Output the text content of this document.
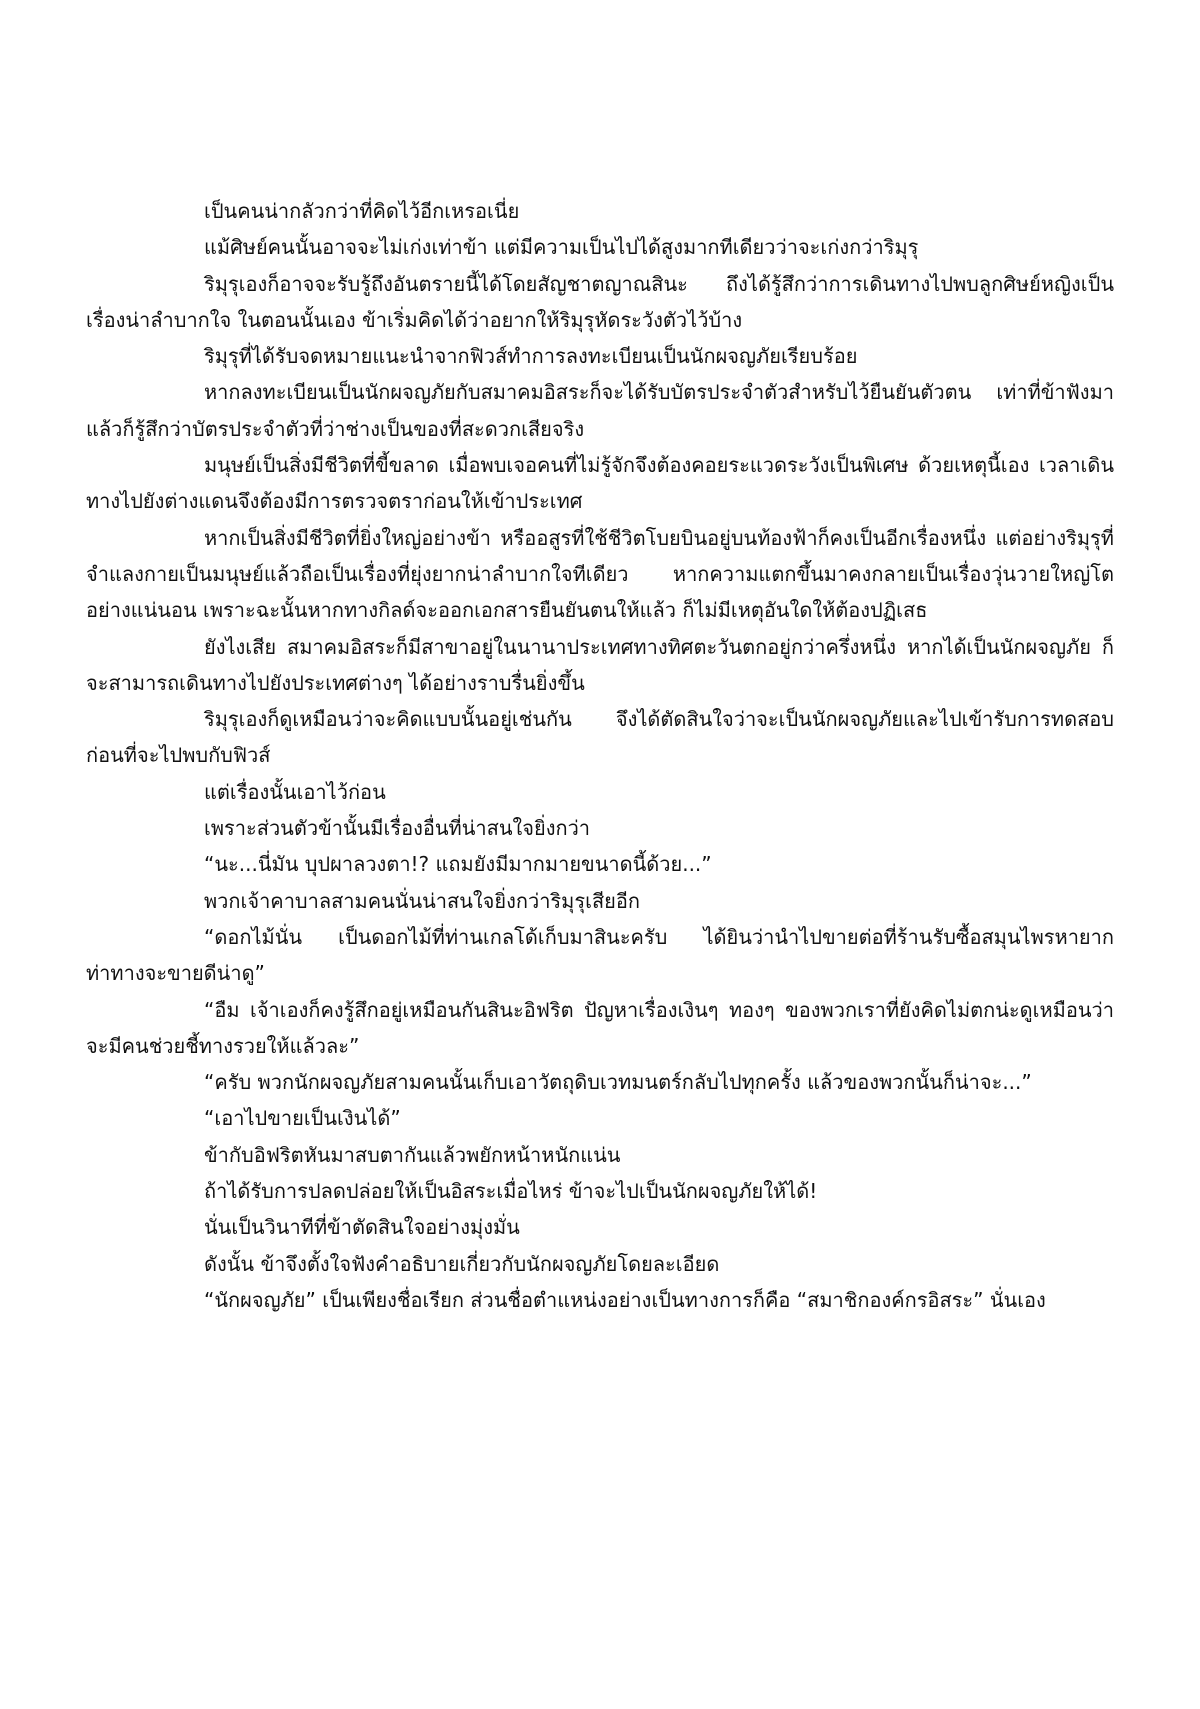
เป็นคนน่ากลัวกว่าที่คิดไว้อีกเหรอเนี่ย

แม้ศิษย์คนนั้นอาจจะไม่เก่งเท่าข้า แต่มีความเป็นไปได้สูงมากทีเดียวว่าจะเก่งกว่าริมุรุ

ริมุรุเองก็อาจจะรับรู้ถึงอันตรายนี้ได้โดยสัญชาตญาณสินะ ถึงได้รู้สึกว่าการเดินทางไปพบลูกศิษย์หญิงเป็นเรื่องน่าลำบากใจ ในตอนนั้นเอง ข้าเริ่มคิดได้ว่าอยากให้ริมุรุหัดระวังตัวไว้บ้าง

ริมุรุที่ได้รับจดหมายแนะนำจากฟิวส์ทำการลงทะเบียนเป็นนักผจญภัยเรียบร้อย

หากลงทะเบียนเป็นนักผจญภัยกับสมาคมอิสระก็จะได้รับบัตรประจำตัวสำหรับไว้ยืนยันตัวตน เท่าที่ข้าฟังมาแล้วก็รู้สึกว่าบัตรประจำตัวที่ว่าช่างเป็นของที่สะดวกเสียจริง

มนุษย์เป็นสิ่งมีชีวิตที่ขี้ขลาด เมื่อพบเจอคนที่ไม่รู้จักจึงต้องคอยระแวดระวังเป็นพิเศษ ด้วยเหตุนี้เอง เวลาเดินทางไปยังต่างแดนจึงต้องมีการตรวจตราก่อนให้เข้าประเทศ

หากเป็นสิ่งมีชีวิตที่ยิ่งใหญ่อย่างข้า หรืออสูรที่ใช้ชีวิตโบยบินอยู่บนท้องฟ้าก็คงเป็นอีกเรื่องหนึ่ง แต่อย่างริมุรุที่จำแลงกายเป็นมนุษย์แล้วถือเป็นเรื่องที่ยุ่งยากน่าลำบากใจทีเดียว หากความแตกขึ้นมาคงกลายเป็นเรื่องวุ่นวายใหญ่โตอย่างแน่นอน เพราะฉะนั้นหากทางกิลด์จะออกเอกสารยืนยันตนให้แล้ว ก็ไม่มีเหตุอันใดให้ต้องปฏิเสธ

ยังไงเสีย สมาคมอิสระก็มีสาขาอยู่ในนานาประเทศทางทิศตะวันตกอยู่กว่าครึ่งหนึ่ง หากได้เป็นนักผจญภัย ก็จะสามารถเดินทางไปยังประเทศต่างๆ ได้อย่างราบรื่นยิ่งขึ้น

ริมุรุเองก็ดูเหมือนว่าจะคิดแบบนั้นอยู่เช่นกัน จึงได้ตัดสินใจว่าจะเป็นนักผจญภัยและไปเข้ารับการทดสอบก่อนที่จะไปพบกับฟิวส์

แต่เรื่องนั้นเอาไว้ก่อน

เพราะส่วนตัวข้านั้นมีเรื่องอื่นที่น่าสนใจยิ่งกว่า

“นะ...นี่มัน บุปผาลวงตา!? แถมยังมีมากมายขนาดนี้ด้วย...”

พวกเจ้าคาบาลสามคนนั่นน่าสนใจยิ่งกว่าริมุรุเสียอีก

“ดอกไม้นั่น เป็นดอกไม้ที่ท่านเกลโด้เก็บมาสินะครับ ได้ยินว่านำไปขายต่อที่ร้านรับซื้อสมุนไพรหายาก ท่าทางจะขายดีน่าดู”

“อืม เจ้าเองก็คงรู้สึกอยู่เหมือนกันสินะอิฟริต ปัญหาเรื่องเงินๆ ทองๆ ของพวกเราที่ยังคิดไม่ตกน่ะดูเหมือนว่าจะมีคนช่วยชี้ทางรวยให้แล้วละ”

“ครับ พวกนักผจญภัยสามคนนั้นเก็บเอาวัตถุดิบเวทมนตร์กลับไปทุกครั้ง แล้วของพวกนั้นก็น่าจะ...”

“เอาไปขายเป็นเงินได้”

ข้ากับอิฟริตหันมาสบตากันแล้วพยักหน้าหนักแน่น

ถ้าได้รับการปลดปล่อยให้เป็นอิสระเมื่อไหร่ ข้าจะไปเป็นนักผจญภัยให้ได้!

นั่นเป็นวินาทีที่ข้าตัดสินใจอย่างมุ่งมั่น

ดังนั้น ข้าจึงตั้งใจฟังคำอธิบายเกี่ยวกับนักผจญภัยโดยละเอียด

“นักผจญภัย” เป็นเพียงชื่อเรียก ส่วนชื่อตำแหน่งอย่างเป็นทางการก็คือ “สมาชิกองค์กรอิสระ” นั่นเอง
